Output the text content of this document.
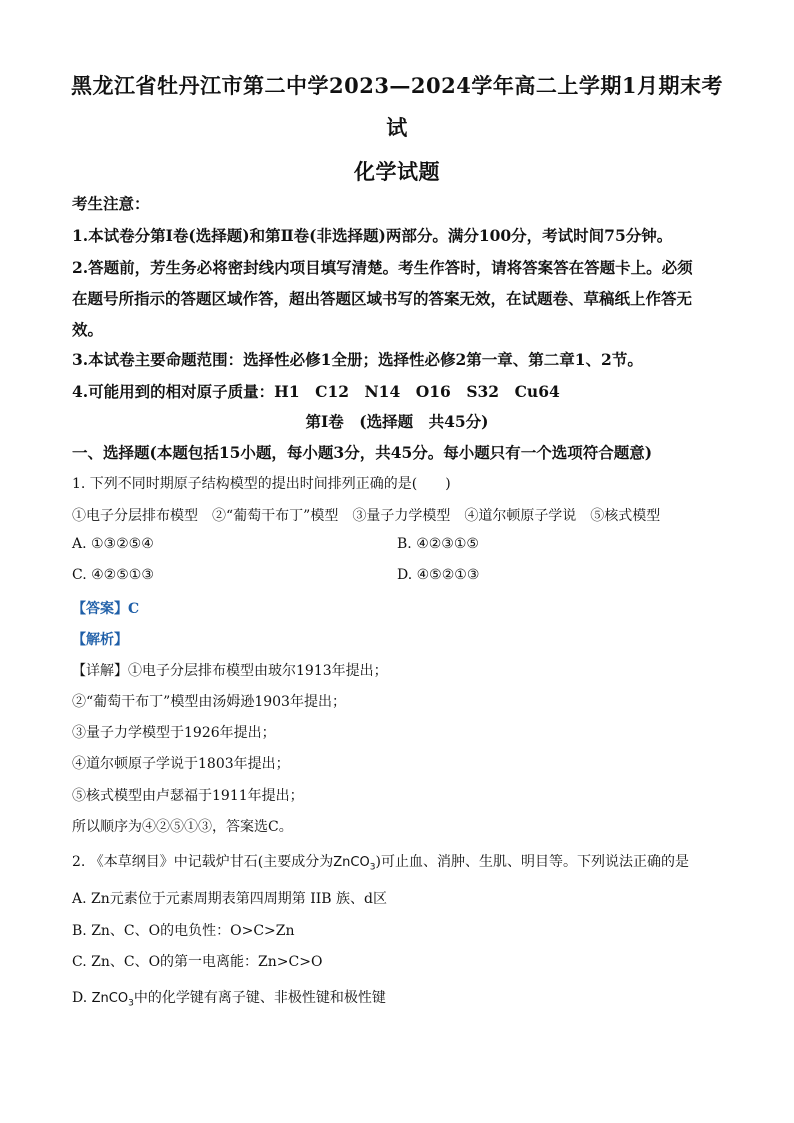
黑龙江省牡丹江市第二中学2023—2024学年高二上学期1月期末考
试
化学试题
考生注意：
1.本试卷分第Ⅰ卷(选择题)和第Ⅱ卷(非选择题)两部分。满分100分，考试时间75分钟。
2.答题前，芳生务必将密封线内项目填写清楚。考生作答时，请将答案答在答题卡上。必须
在题号所指示的答题区域作答，超出答题区域书写的答案无效，在试题卷、草稿纸上作答无
效。
3.本试卷主要命题范围：选择性必修1全册；选择性必修2第一章、第二章1、2节。
4.可能用到的相对原子质量：H1　C12　N14　O16　S32　Cu64
第Ⅰ卷　(选择题　共45分)
一、选择题(本题包括15小题，每小题3分，共45分。每小题只有一个选项符合题意)
1. 下列不同时期原子结构模型的提出时间排列正确的是(　　)
①电子分层排布模型　②“葡萄干布丁”模型　③量子力学模型　④道尔顿原子学说　⑤核式模型
A. ①③②⑤④	B. ④②③①⑤
C. ④②⑤①③	D. ④⑤②①③
【答案】C
【解析】
【详解】①电子分层排布模型由玻尔1913年提出；
②“葡萄干布丁”模型由汤姆逊1903年提出；
③量子力学模型于1926年提出；
④道尔顿原子学说于1803年提出；
⑤核式模型由卢瑟福于1911年提出；
所以顺序为④②⑤①③，答案选C。
2. 《本草纲目》中记载炉甘石(主要成分为ZnCO$_3$)可止血、消肿、生肌、明目等。下列说法正确的是
A. Zn元素位于元素周期表第四周期第 IIB 族、d区
B. Zn、C、O的电负性：O>C>Zn
C. Zn、C、O的第一电离能：Zn>C>O
D. ZnCO$_3$中的化学键有离子键、非极性键和极性键
